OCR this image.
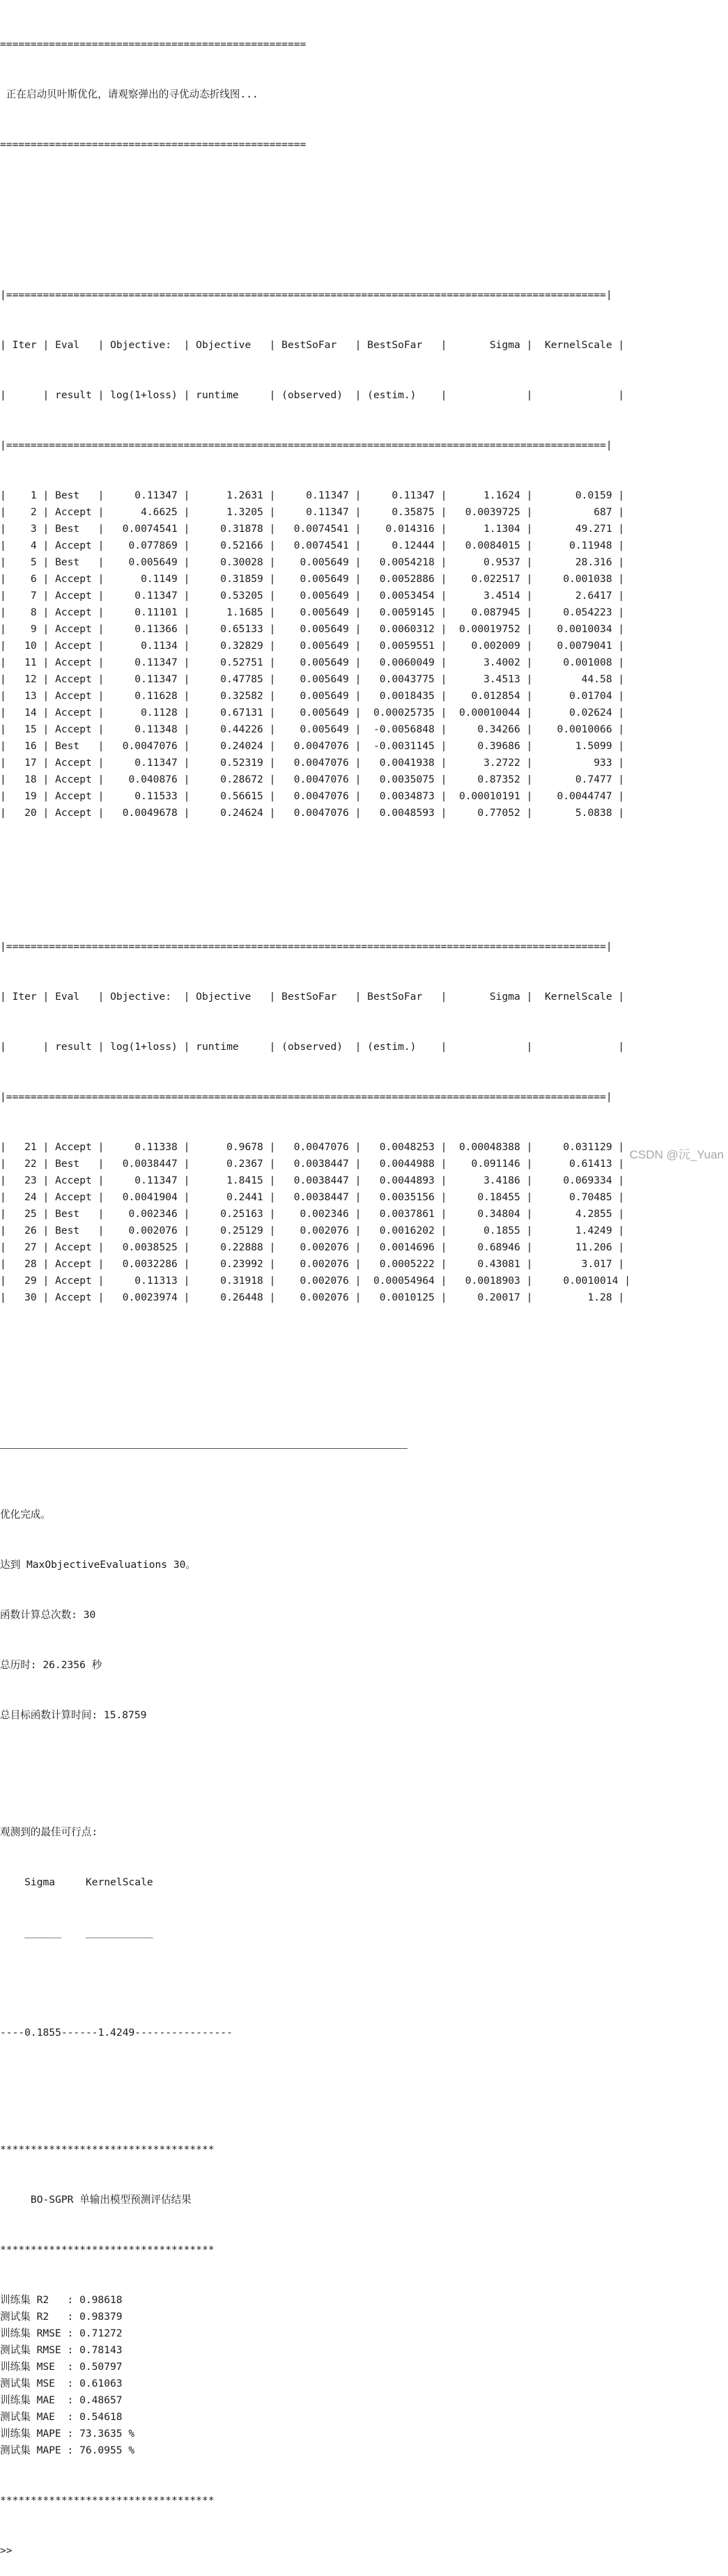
==================================================

正在启动贝叶斯优化，请观察弹出的寻优动态折线图...

==================================================

|==================================================================================================|

| Iter | Eval   | Objective:  | Objective   | BestSoFar   | BestSoFar   |       Sigma |  KernelScale |

|      | result | log(1+loss) | runtime     | (observed)  | (estim.)    |             |              |

|==================================================================================================|

|    1 | Best   |     0.11347 |      1.2631 |     0.11347 |     0.11347 |      1.1624 |       0.0159 |
|    2 | Accept |      4.6625 |      1.3205 |     0.11347 |     0.35875 |   0.0039725 |          687 |
|    3 | Best   |   0.0074541 |     0.31878 |   0.0074541 |    0.014316 |      1.1304 |       49.271 |
|    4 | Accept |    0.077869 |     0.52166 |   0.0074541 |     0.12444 |   0.0084015 |      0.11948 |
|    5 | Best   |    0.005649 |     0.30028 |    0.005649 |   0.0054218 |      0.9537 |       28.316 |
|    6 | Accept |      0.1149 |     0.31859 |    0.005649 |   0.0052886 |    0.022517 |     0.001038 |
|    7 | Accept |     0.11347 |     0.53205 |    0.005649 |   0.0053454 |      3.4514 |       2.6417 |
|    8 | Accept |     0.11101 |      1.1685 |    0.005649 |   0.0059145 |    0.087945 |     0.054223 |
|    9 | Accept |     0.11366 |     0.65133 |    0.005649 |   0.0060312 |  0.00019752 |    0.0010034 |
|   10 | Accept |      0.1134 |     0.32829 |    0.005649 |   0.0059551 |    0.002009 |    0.0079041 |
|   11 | Accept |     0.11347 |     0.52751 |    0.005649 |   0.0060049 |      3.4002 |     0.001008 |
|   12 | Accept |     0.11347 |     0.47785 |    0.005649 |   0.0043775 |      3.4513 |        44.58 |
|   13 | Accept |     0.11628 |     0.32582 |    0.005649 |   0.0018435 |    0.012854 |      0.01704 |
|   14 | Accept |      0.1128 |     0.67131 |    0.005649 |  0.00025735 |  0.00010044 |      0.02624 |
|   15 | Accept |     0.11348 |     0.44226 |    0.005649 |  -0.0056848 |     0.34266 |    0.0010066 |
|   16 | Best   |   0.0047076 |     0.24024 |   0.0047076 |  -0.0031145 |     0.39686 |       1.5099 |
|   17 | Accept |     0.11347 |     0.52319 |   0.0047076 |   0.0041938 |      3.2722 |          933 |
|   18 | Accept |    0.040876 |     0.28672 |   0.0047076 |   0.0035075 |     0.87352 |       0.7477 |
|   19 | Accept |     0.11533 |     0.56615 |   0.0047076 |   0.0034873 |  0.00010191 |    0.0044747 |
|   20 | Accept |   0.0049678 |     0.24624 |   0.0047076 |   0.0048593 |     0.77052 |       5.0838 |

|==================================================================================================|

| Iter | Eval   | Objective:  | Objective   | BestSoFar   | BestSoFar   |       Sigma |  KernelScale |

|      | result | log(1+loss) | runtime     | (observed)  | (estim.)    |             |              |

|==================================================================================================|

|   21 | Accept |     0.11338 |      0.9678 |   0.0047076 |   0.0048253 |  0.00048388 |     0.031129 |
|   22 | Best   |   0.0038447 |      0.2367 |   0.0038447 |   0.0044988 |    0.091146 |      0.61413 |
|   23 | Accept |     0.11347 |      1.8415 |   0.0038447 |   0.0044893 |      3.4186 |     0.069334 |
|   24 | Accept |   0.0041904 |      0.2441 |   0.0038447 |   0.0035156 |     0.18455 |      0.70485 |
|   25 | Best   |    0.002346 |     0.25163 |    0.002346 |   0.0037861 |     0.34804 |       4.2855 |
|   26 | Best   |    0.002076 |     0.25129 |    0.002076 |   0.0016202 |      0.1855 |       1.4249 |
|   27 | Accept |   0.0038525 |     0.22888 |    0.002076 |   0.0014696 |     0.68946 |       11.206 |
|   28 | Accept |   0.0032286 |     0.23992 |    0.002076 |   0.0005222 |     0.43081 |        3.017 |
|   29 | Accept |     0.11313 |     0.31918 |    0.002076 |  0.00054964 |   0.0018903 |     0.0010014 |
|   30 | Accept |   0.0023974 |     0.26448 |    0.002076 |   0.0010125 |     0.20017 |         1.28 |

优化完成。

达到 MaxObjectiveEvaluations 30。

函数计算总次数: 30

总历时: 26.2356 秒

总目标函数计算时间: 15.8759

观测到的最佳可行点:

Sigma     KernelScale

______ ___________

----0.1855------1.4249----------------

***********************************

BO-SGPR 单输出模型预测评估结果

***********************************

训练集 R2   : 0.98618
测试集 R2   : 0.98379
训练集 RMSE : 0.71272
测试集 RMSE : 0.78143
训练集 MSE  : 0.50797
测试集 MSE  : 0.61063
训练集 MAE  : 0.48657
测试集 MAE  : 0.54618
训练集 MAPE : 73.3635 %
测试集 MAPE : 76.0955 %

***********************************

>>

CSDN @沅_Yuan
